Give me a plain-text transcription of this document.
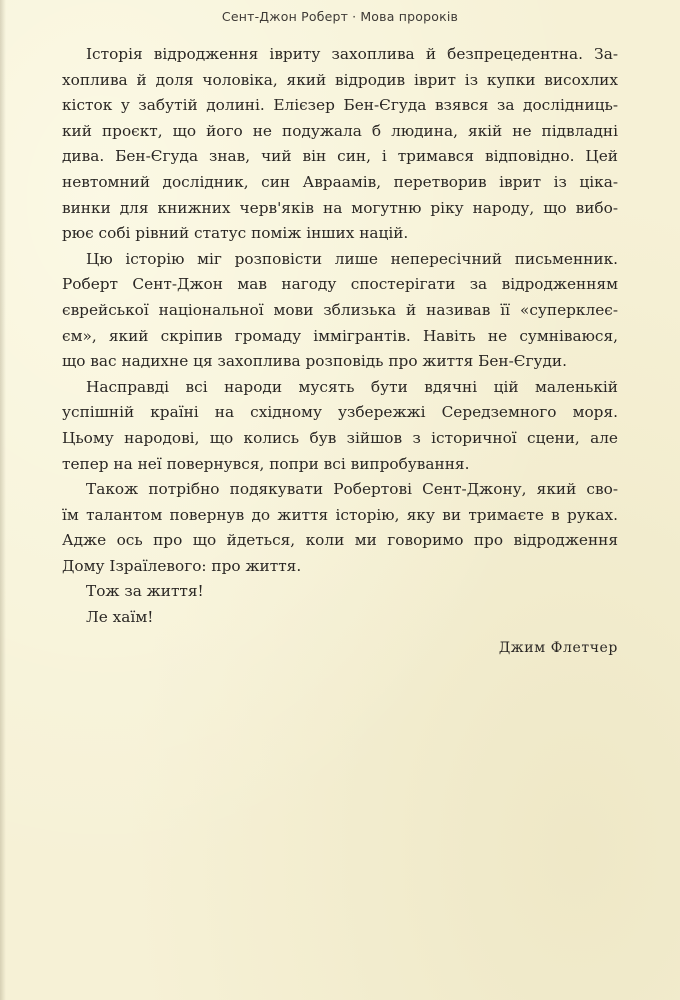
Сент-Джон Роберт · Мова пророків
Історія відродження івриту захоплива й безпрецедентна. За-
хоплива й доля чоловіка, який відродив іврит із купки висохлих
кісток у забутій долині. Елієзер Бен-Єгуда взявся за дослідниць-
кий проєкт, що його не подужала б людина, якій не підвладні
дива. Бен-Єгуда знав, чий він син, і тримався відповідно. Цей
невтомний дослідник, син Авраамів, перетворив іврит із ціка-
винки для книжних черв'яків на могутню ріку народу, що вибо-
рює собі рівний статус поміж інших націй.
Цю історію міг розповісти лише непересічний письменник.
Роберт Сент-Джон мав нагоду спостерігати за відродженням
єврейської національної мови зблизька й називав її «суперклеє-
єм», який скріпив громаду іммігрантів. Навіть не сумніваюся,
що вас надихне ця захоплива розповідь про життя Бен-Єгуди.
Насправді всі народи мусять бути вдячні цій маленькій
успішній країні на східному узбережжі Середземного моря.
Цьому народові, що колись був зійшов з історичної сцени, але
тепер на неї повернувся, попри всі випробування.
Також потрібно подякувати Робертові Сент-Джону, який сво-
їм талантом повернув до життя історію, яку ви тримаєте в руках.
Адже ось про що йдеться, коли ми говоримо про відродження
Дому Ізраїлевого: про життя.
Тож за життя!
Ле хаїм!
Джим Флетчер
